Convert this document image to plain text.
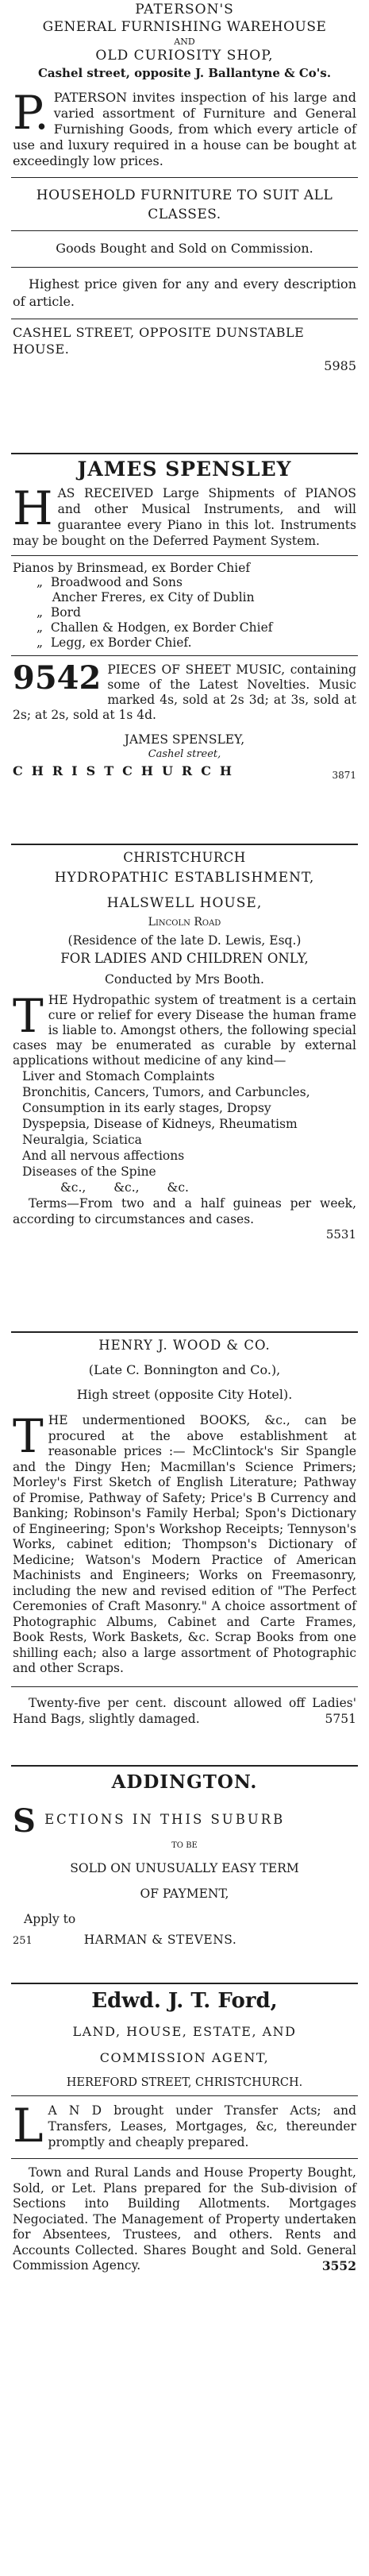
PATERSON'S
GENERAL FURNISHING WAREHOUSE
AND
OLD CURIOSITY SHOP,
Cashel street, opposite J. Ballantyne & Co's.
P. PATERSON invites inspection of his large and varied assortment of Furniture and General Furnishing Goods, from which every article of use and luxury required in a house can be bought at exceedingly low prices.
HOUSEHOLD FURNITURE TO SUIT ALL CLASSES.
Goods Bought and Sold on Commission.
Highest price given for any and every description of article.
CASHEL STREET, OPPOSITE DUNSTABLE HOUSE.
5985
JAMES SPENSLEY
H AS RECEIVED Large Shipments of PIANOS and other Musical Instruments, and will guarantee every Piano in this lot. Instruments may be bought on the Deferred Payment System.
Pianos by Brinsmead, ex Border Chief
„  Broadwood and Sons
Ancher Freres, ex City of Dublin
„  Bord
„  Challen & Hodgen, ex Border Chief
„  Legg, ex Border Chief.
9542 PIECES OF SHEET MUSIC, containing some of the Latest Novelties. Music marked 4s, sold at 2s 3d; at 3s, sold at 2s; at 2s, sold at 1s 4d.
JAMES SPENSLEY,
Cashel street,
CHRISTCHURCH	3871
CHRISTCHURCH
HYDROPATHIC ESTABLISHMENT,
HALSWELL HOUSE,
Lincoln Road
(Residence of the late D. Lewis, Esq.)
FOR LADIES AND CHILDREN ONLY,
Conducted by Mrs Booth.
T HE Hydropathic system of treatment is a certain cure or relief for every Disease the human frame is liable to. Amongst others, the following special cases may be enumerated as curable by external applications without medicine of any kind—
Liver and Stomach Complaints
Bronchitis, Cancers, Tumors, and Carbuncles,
Consumption in its early stages, Dropsy
Dyspepsia, Disease of Kidneys, Rheumatism
Neuralgia, Sciatica
And all nervous affections
Diseases of the Spine
&c., &c., &c.
Terms—From two and a half guineas per week, according to circumstances and cases.
5531
HENRY J. WOOD & CO.
(Late C. Bonnington and Co.),
High street (opposite City Hotel).
T HE undermentioned BOOKS, &c., can be procured at the above establishment at reasonable prices :— McClintock's Sir Spangle and the Dingy Hen; Macmillan's Science Primers; Morley's First Sketch of English Literature; Pathway of Promise, Pathway of Safety; Price's B Currency and Banking; Robinson's Family Herbal; Spon's Dictionary of Engineering; Spon's Workshop Receipts; Tennyson's Works, cabinet edition; Thompson's Dictionary of Medicine; Watson's Modern Practice of American Machinists and Engineers; Works on Freemasonry, including the new and revised edition of "The Perfect Ceremonies of Craft Masonry." A choice assortment of Photographic Albums, Cabinet and Carte Frames, Book Rests, Work Baskets, &c. Scrap Books from one shilling each; also a large assortment of Photographic and other Scraps.
Twenty-five per cent. discount allowed off Ladies' Hand Bags, slightly damaged.	5751
ADDINGTON.
S ECTIONS IN THIS SUBURB
TO BE
SOLD ON UNUSUALLY EASY TERM
OF PAYMENT,
Apply to
251	HARMAN & STEVENS.
Edwd. J. T. Ford,
LAND, HOUSE, ESTATE, AND
COMMISSION AGENT,
HEREFORD STREET, CHRISTCHURCH.
L A N D brought under Transfer Acts; and Transfers, Leases, Mortgages, &c, thereunder promptly and cheaply prepared.
Town and Rural Lands and House Property Bought, Sold, or Let. Plans prepared for the Sub-division of Sections into Building Allotments. Mortgages Negociated. The Management of Property undertaken for Absentees, Trustees, and others. Rents and Accounts Collected. Shares Bought and Sold. General Commission Agency.	3552
